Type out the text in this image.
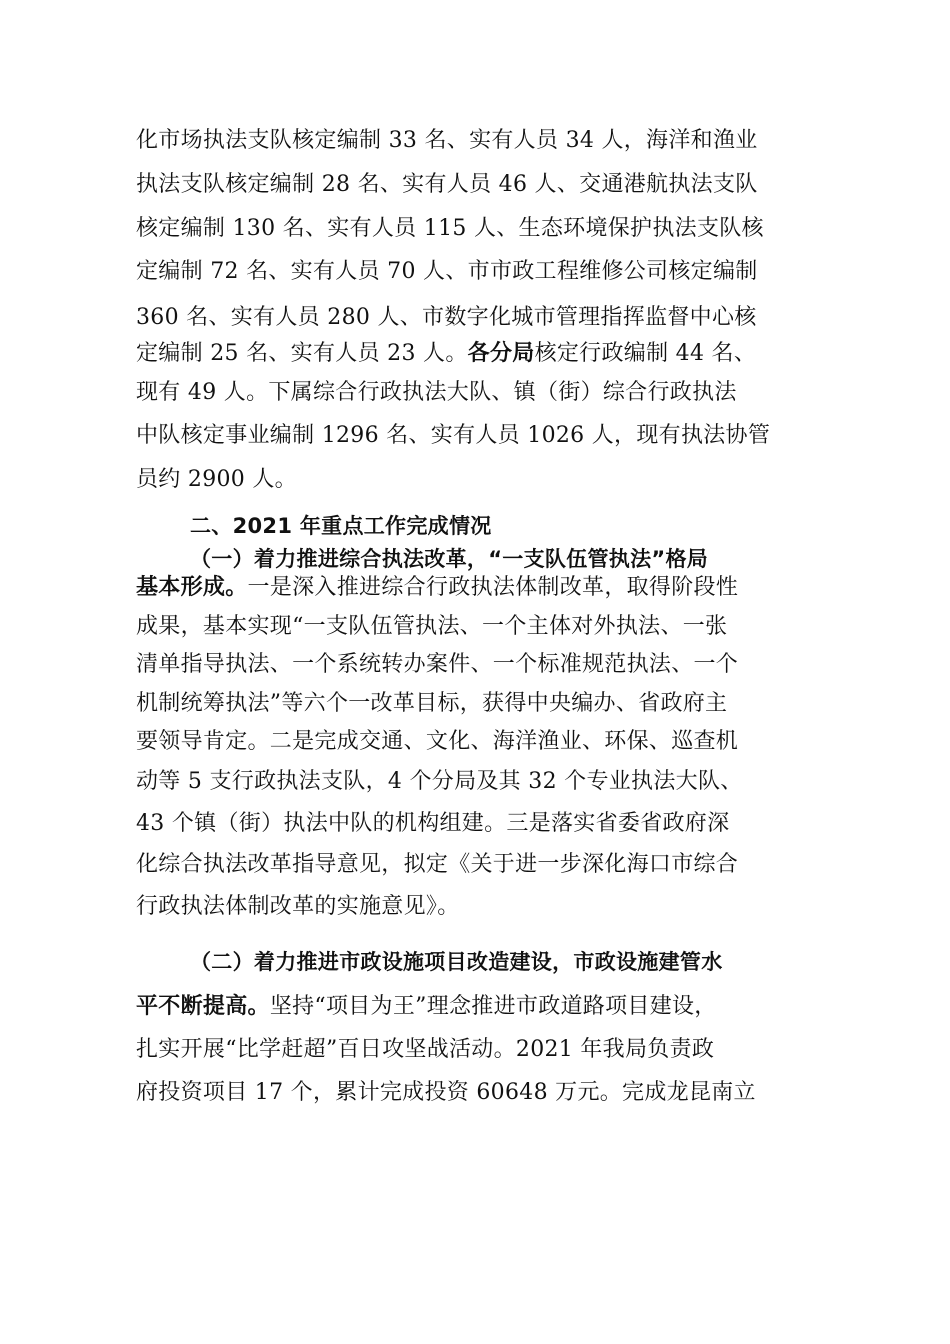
化市场执法支队核定编制 33 名、实有人员 34 人，海洋和渔业
执法支队核定编制 28 名、实有人员 46 人、交通港航执法支队
核定编制 130 名、实有人员 115 人、生态环境保护执法支队核
定编制 72 名、实有人员 70 人、市市政工程维修公司核定编制
360 名、实有人员 280 人、市数字化城市管理指挥监督中心核
定编制 25 名、实有人员 23 人。各分局核定行政编制 44 名、
现有 49 人。下属综合行政执法大队、镇（街）综合行政执法
中队核定事业编制 1296 名、实有人员 1026 人，现有执法协管
员约 2900 人。
二、2021 年重点工作完成情况
（一）着力推进综合执法改革，“一支队伍管执法”格局
基本形成。一是深入推进综合行政执法体制改革，取得阶段性
成果，基本实现“一支队伍管执法、一个主体对外执法、一张
清单指导执法、一个系统转办案件、一个标准规范执法、一个
机制统筹执法”等六个一改革目标，获得中央编办、省政府主
要领导肯定。二是完成交通、文化、海洋渔业、环保、巡查机
动等 5 支行政执法支队，4 个分局及其 32 个专业执法大队、
43 个镇（街）执法中队的机构组建。三是落实省委省政府深
化综合执法改革指导意见，拟定《关于进一步深化海口市综合
行政执法体制改革的实施意见》。
（二）着力推进市政设施项目改造建设，市政设施建管水
平不断提高。坚持“项目为王”理念推进市政道路项目建设，
扎实开展“比学赶超”百日攻坚战活动。2021 年我局负责政
府投资项目 17 个，累计完成投资 60648 万元。完成龙昆南立
